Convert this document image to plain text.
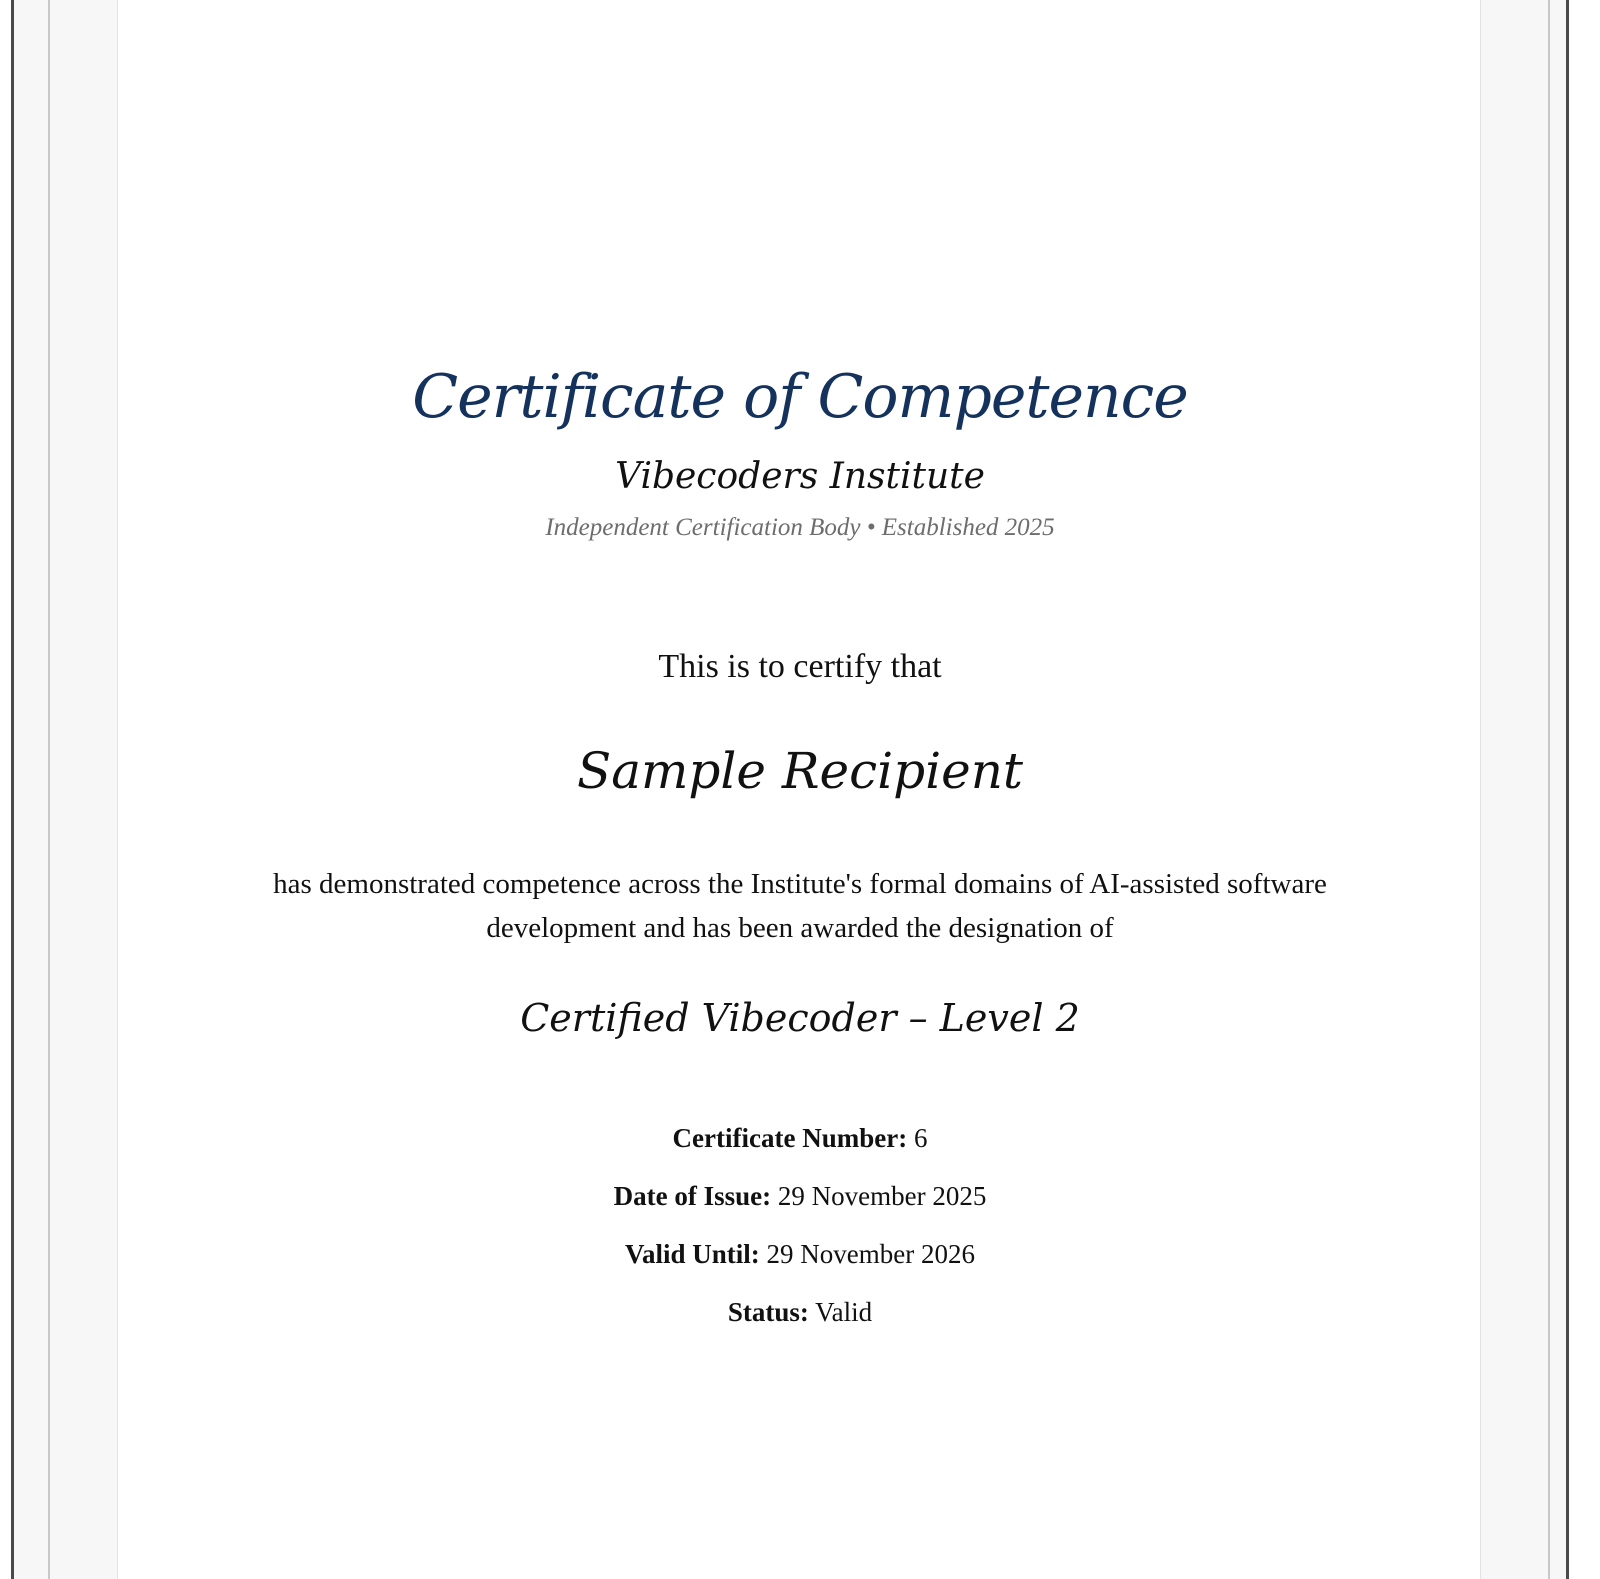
Certificate of Competence
Vibecoders Institute
Independent Certification Body • Established 2025
This is to certify that
Sample Recipient
has demonstrated competence across the Institute's formal domains of AI-assisted software development and has been awarded the designation of
Certified Vibecoder – Level 2
Certificate Number: 6
Date of Issue: 29 November 2025
Valid Until: 29 November 2026
Status: Valid
